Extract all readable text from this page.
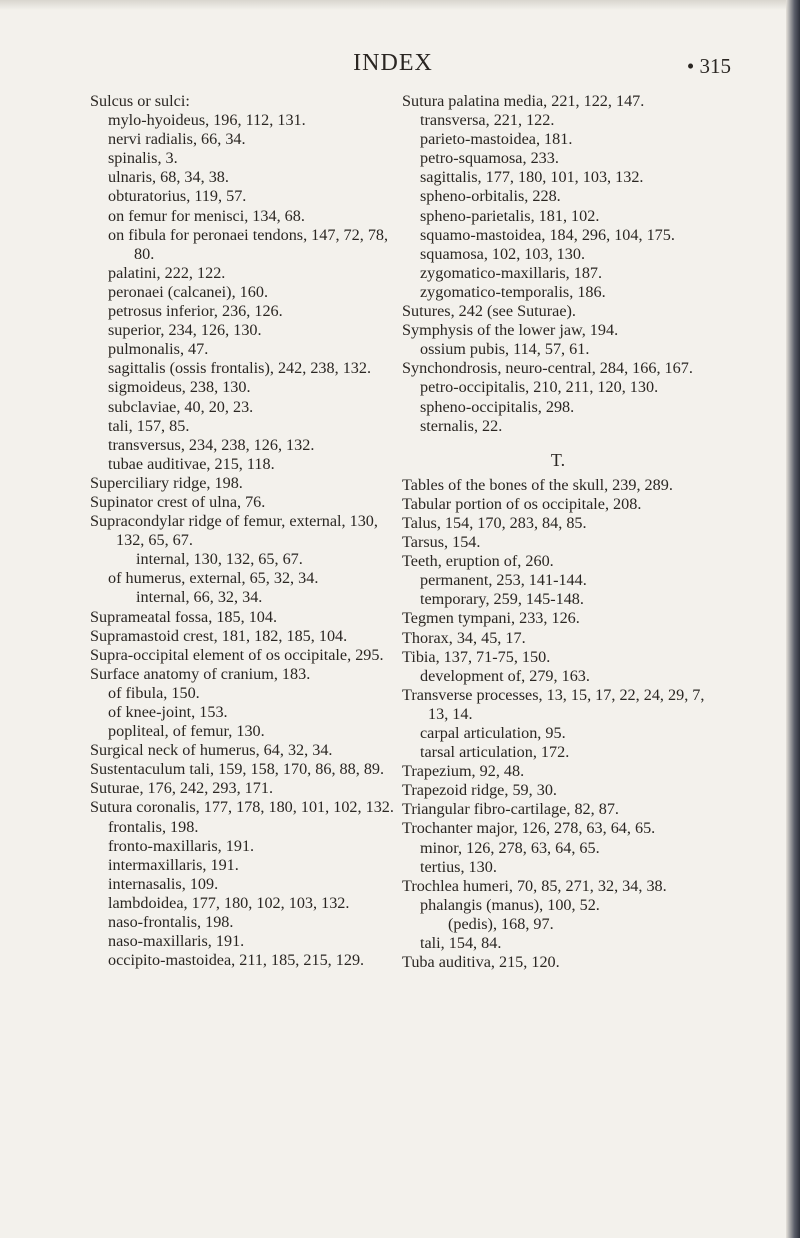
INDEX	• 315

Sulcus or sulci:

mylo-hyoideus, 196, 112, 131.

nervi radialis, 66, 34.

spinalis, 3.

ulnaris, 68, 34, 38.

obturatorius, 119, 57.

on femur for menisci, 134, 68.

on fibula for peronaei tendons, 147, 72, 78, 80.

palatini, 222, 122.

peronaei (calcanei), 160.

petrosus inferior, 236, 126.

superior, 234, 126, 130.

pulmonalis, 47.

sagittalis (ossis frontalis), 242, 238, 132.

sigmoideus, 238, 130.

subclaviae, 40, 20, 23.

tali, 157, 85.

transversus, 234, 238, 126, 132.

tubae auditivae, 215, 118.

Superciliary ridge, 198.

Supinator crest of ulna, 76.

Supracondylar ridge of femur, external, 130, 132, 65, 67.

internal, 130, 132, 65, 67.

of humerus, external, 65, 32, 34.

internal, 66, 32, 34.

Suprameatal fossa, 185, 104.

Supramastoid crest, 181, 182, 185, 104.

Supra-occipital element of os occipitale, 295.

Surface anatomy of cranium, 183.

of fibula, 150.

of knee-joint, 153.

popliteal, of femur, 130.

Surgical neck of humerus, 64, 32, 34.

Sustentaculum tali, 159, 158, 170, 86, 88, 89.

Suturae, 176, 242, 293, 171.

Sutura coronalis, 177, 178, 180, 101, 102, 132.

frontalis, 198.

fronto-maxillaris, 191.

intermaxillaris, 191.

internasalis, 109.

lambdoidea, 177, 180, 102, 103, 132.

naso-frontalis, 198.

naso-maxillaris, 191.

occipito-mastoidea, 211, 185, 215, 129.

Sutura palatina media, 221, 122, 147.

transversa, 221, 122.

parieto-mastoidea, 181.

petro-squamosa, 233.

sagittalis, 177, 180, 101, 103, 132.

spheno-orbitalis, 228.

spheno-parietalis, 181, 102.

squamo-mastoidea, 184, 296, 104, 175.

squamosa, 102, 103, 130.

zygomatico-maxillaris, 187.

zygomatico-temporalis, 186.

Sutures, 242 (see Suturae).

Symphysis of the lower jaw, 194.

ossium pubis, 114, 57, 61.

Synchondrosis, neuro-central, 284, 166, 167.

petro-occipitalis, 210, 211, 120, 130.

spheno-occipitalis, 298.

sternalis, 22.

T.

Tables of the bones of the skull, 239, 289.

Tabular portion of os occipitale, 208.

Talus, 154, 170, 283, 84, 85.

Tarsus, 154.

Teeth, eruption of, 260.

permanent, 253, 141-144.

temporary, 259, 145-148.

Tegmen tympani, 233, 126.

Thorax, 34, 45, 17.

Tibia, 137, 71-75, 150.

development of, 279, 163.

Transverse processes, 13, 15, 17, 22, 24, 29, 7, 13, 14.

carpal articulation, 95.

tarsal articulation, 172.

Trapezium, 92, 48.

Trapezoid ridge, 59, 30.

Triangular fibro-cartilage, 82, 87.

Trochanter major, 126, 278, 63, 64, 65.

minor, 126, 278, 63, 64, 65.

tertius, 130.

Trochlea humeri, 70, 85, 271, 32, 34, 38.

phalangis (manus), 100, 52.

(pedis), 168, 97.

tali, 154, 84.

Tuba auditiva, 215, 120.
